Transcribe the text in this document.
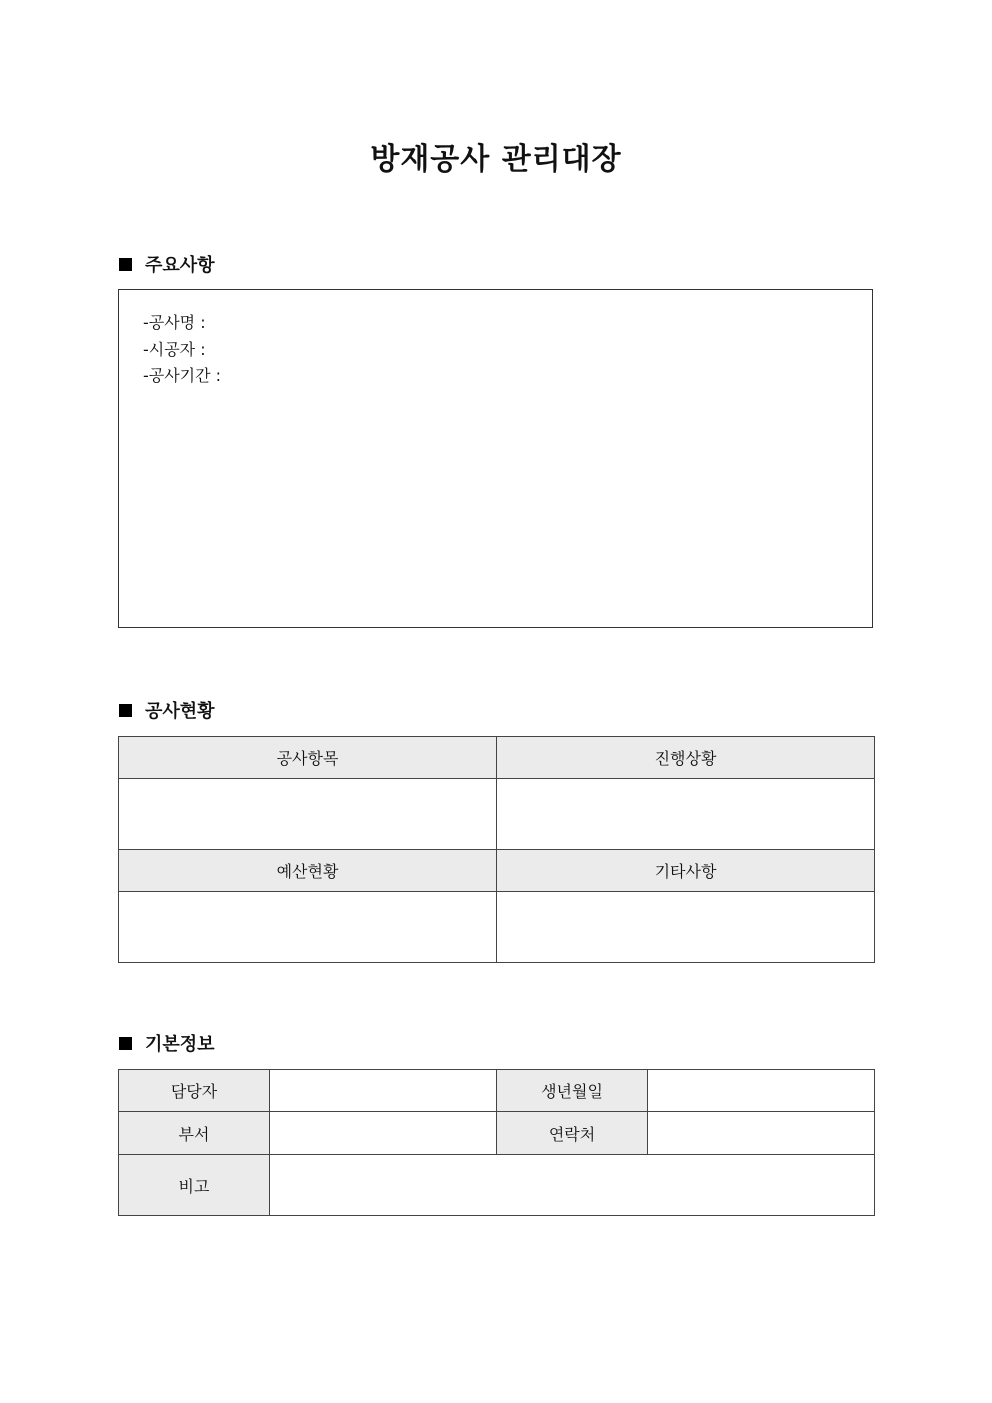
방재공사 관리대장
주요사항
-공사명 :
-시공자 :
-공사기간 :
공사현황
공사항목	진행상황

예산현황	기타사항

기본정보
담당자		생년월일	
부서		연락처	
비고			
